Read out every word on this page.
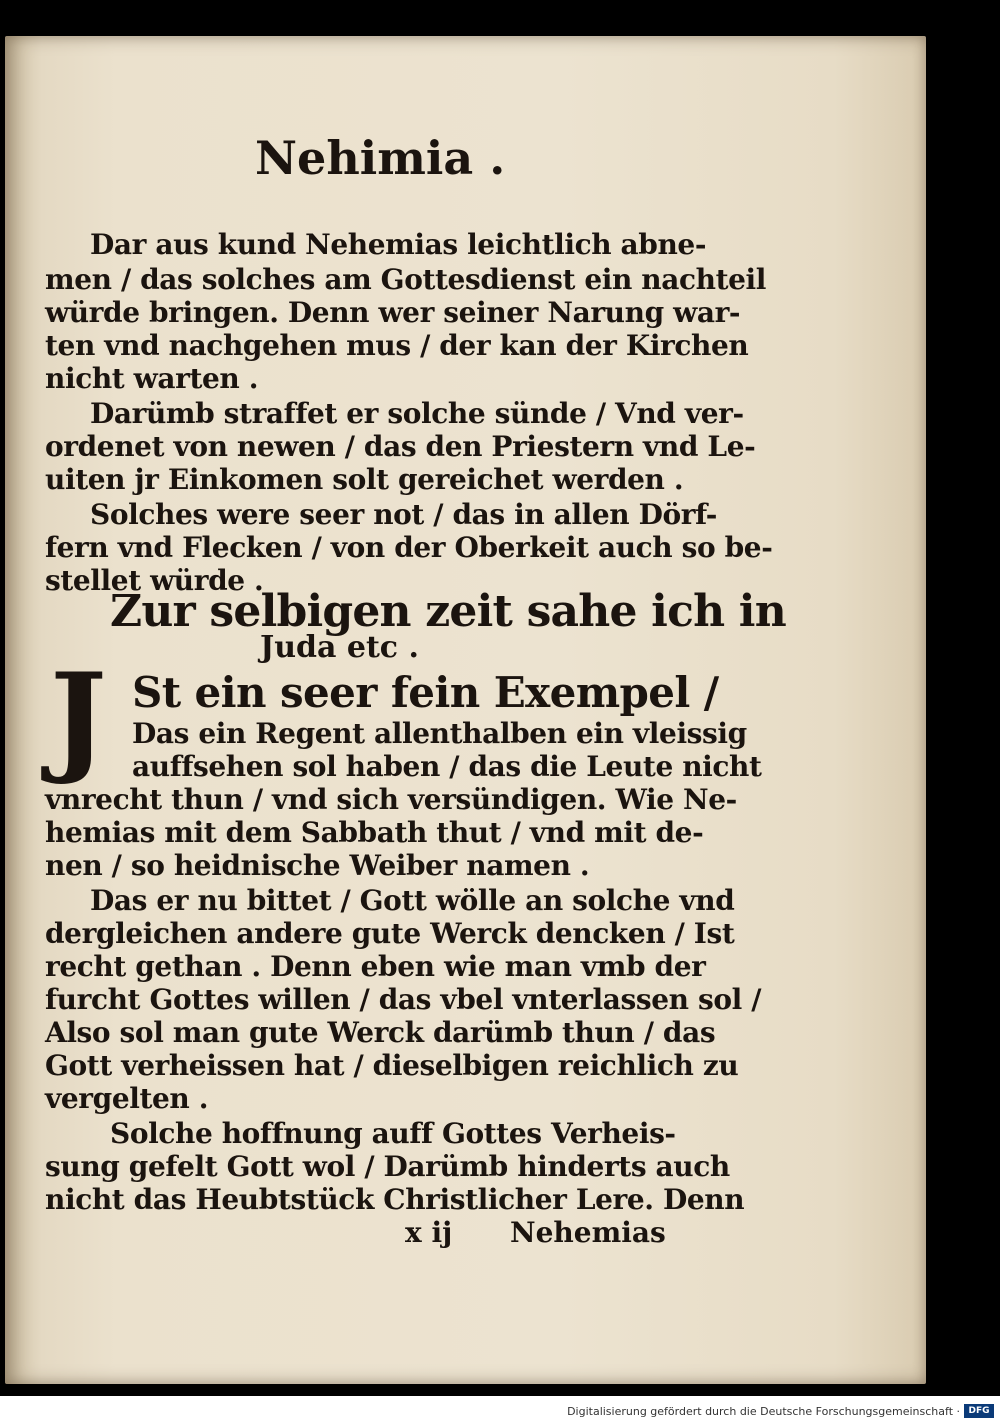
Nehimia .
Dar aus kund Nehemias leichtlich abne-
men / das solches am Gottesdienst ein nachteil
würde bringen. Denn wer seiner Narung war-
ten vnd nachgehen mus / der kan der Kirchen
nicht warten .
Darümb straffet er solche sünde / Vnd ver-
ordenet von newen / das den Priestern vnd Le-
uiten jr Einkomen solt gereichet werden .
Solches were seer not / das in allen Dörf-
fern vnd Flecken / von der Oberkeit auch so be-
stellet würde .
Zur selbigen zeit sahe ich in
Juda etc .
J St ein seer fein Exempel /
Das ein Regent allenthalben ein vleissig
auffsehen sol haben / das die Leute nicht
vnrecht thun / vnd sich versündigen. Wie Ne-
hemias mit dem Sabbath thut / vnd mit de-
nen / so heidnische Weiber namen .
Das er nu bittet / Gott wölle an solche vnd
dergleichen andere gute Werck dencken / Ist
recht gethan . Denn eben wie man vmb der
furcht Gottes willen / das vbel vnterlassen sol /
Also sol man gute Werck darümb thun / das
Gott verheissen hat / dieselbigen reichlich zu
vergelten .
Solche hoffnung auff Gottes Verheis-
sung gefelt Gott wol / Darümb hinderts auch
nicht das Heubtstück Christlicher Lere. Denn
x ij Nehemias
Digitalisierung gefördert durch die Deutsche Forschungsgemeinschaft · DFG
